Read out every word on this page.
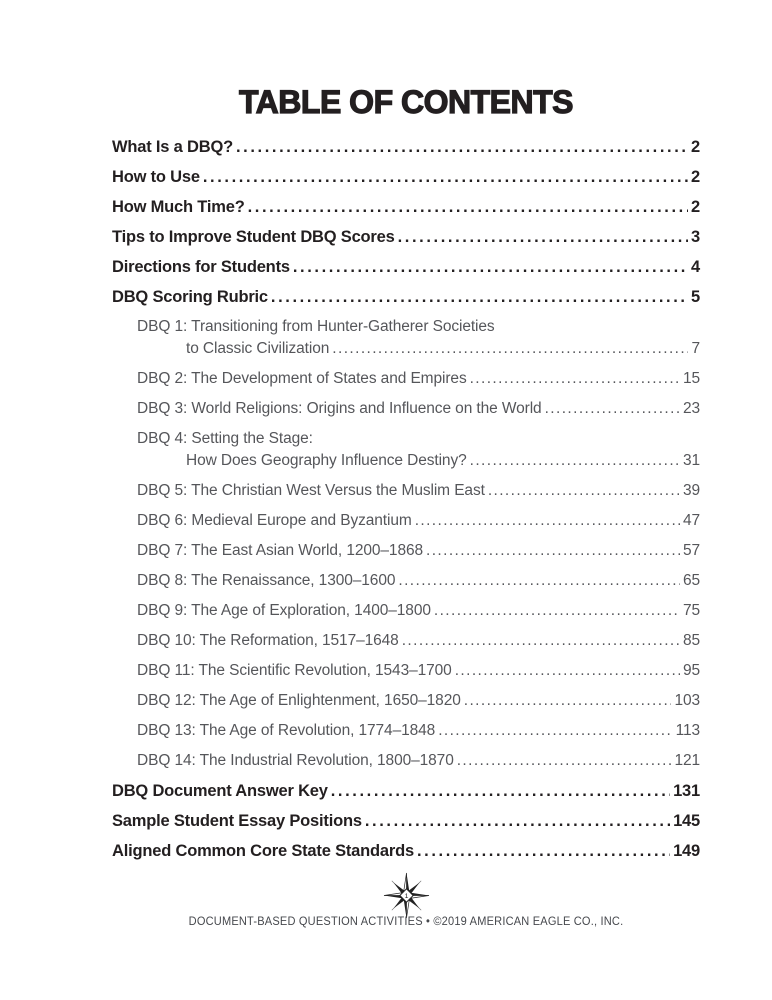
TABLE OF CONTENTS
What Is a DBQ? .....	2
How to Use .....	2
How Much Time? .....	2
Tips to Improve Student DBQ Scores .....	3
Directions for Students .....	4
DBQ Scoring Rubric .....	5
DBQ 1: Transitioning from Hunter-Gatherer Societies
to Classic Civilization .....	7
DBQ 2: The Development of States and Empires .....	15
DBQ 3: World Religions: Origins and Influence on the World .....	23
DBQ 4: Setting the Stage:
How Does Geography Influence Destiny? .....	31
DBQ 5: The Christian West Versus the Muslim East .....	39
DBQ 6: Medieval Europe and Byzantium .....	47
DBQ 7: The East Asian World, 1200–1868 .....	57
DBQ 8: The Renaissance, 1300–1600 .....	65
DBQ 9: The Age of Exploration, 1400–1800 .....	75
DBQ 10: The Reformation, 1517–1648 .....	85
DBQ 11: The Scientific Revolution, 1543–1700 .....	95
DBQ 12: The Age of Enlightenment, 1650–1820 .....	103
DBQ 13: The Age of Revolution, 1774–1848 .....	113
DBQ 14: The Industrial Revolution, 1800–1870 .....	121
DBQ Document Answer Key .....	131
Sample Student Essay Positions .....	145
Aligned Common Core State Standards .....	149
1
DOCUMENT-BASED QUESTION ACTIVITIES • ©2019 AMERICAN EAGLE CO., INC.
